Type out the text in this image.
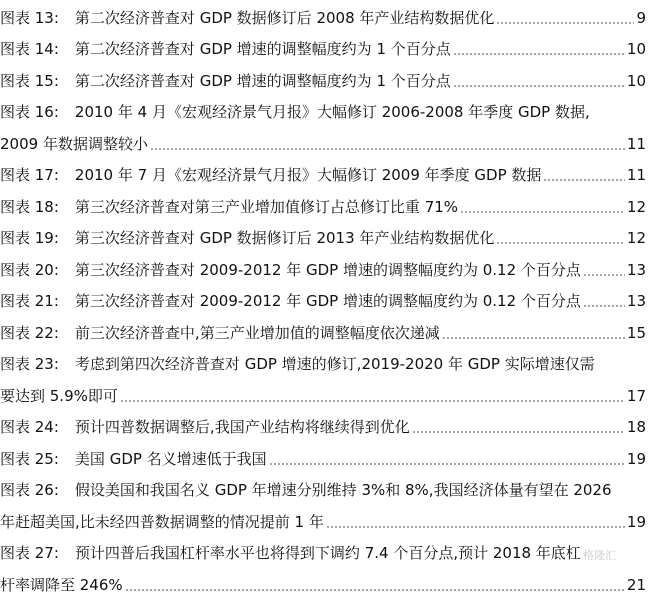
图表 13: 第二次经济普查对 GDP 数据修订后 2008 年产业结构数据优化	9
图表 14: 第二次经济普查对 GDP 增速的调整幅度约为 1 个百分点	10
图表 15: 第二次经济普查对 GDP 增速的调整幅度约为 1 个百分点	10
图表 16: 2010 年 4 月《宏观经济景气月报》大幅修订 2006-2008 年季度 GDP 数据,
2009 年数据调整较小	11
图表 17: 2010 年 7 月《宏观经济景气月报》大幅修订 2009 年季度 GDP 数据	11
图表 18: 第三次经济普查对第三产业增加值修订占总修订比重 71%	12
图表 19: 第三次经济普查对 GDP 数据修订后 2013 年产业结构数据优化	12
图表 20: 第三次经济普查对 2009-2012 年 GDP 增速的调整幅度约为 0.12 个百分点	13
图表 21: 第三次经济普查对 2009-2012 年 GDP 增速的调整幅度约为 0.12 个百分点	13
图表 22: 前三次经济普查中,第三产业增加值的调整幅度依次递减	15
图表 23: 考虑到第四次经济普查对 GDP 增速的修订,2019-2020 年 GDP 实际增速仅需
要达到 5.9%即可	17
图表 24: 预计四普数据调整后,我国产业结构将继续得到优化	18
图表 25: 美国 GDP 名义增速低于我国	19
图表 26: 假设美国和我国名义 GDP 年增速分别维持 3%和 8%,我国经济体量有望在 2026
年赶超美国,比未经四普数据调整的情况提前 1 年	19
图表 27: 预计四普后我国杠杆率水平也将得到下调约 7.4 个百分点,预计 2018 年底杠
杆率调降至 246%	21
格隆汇
